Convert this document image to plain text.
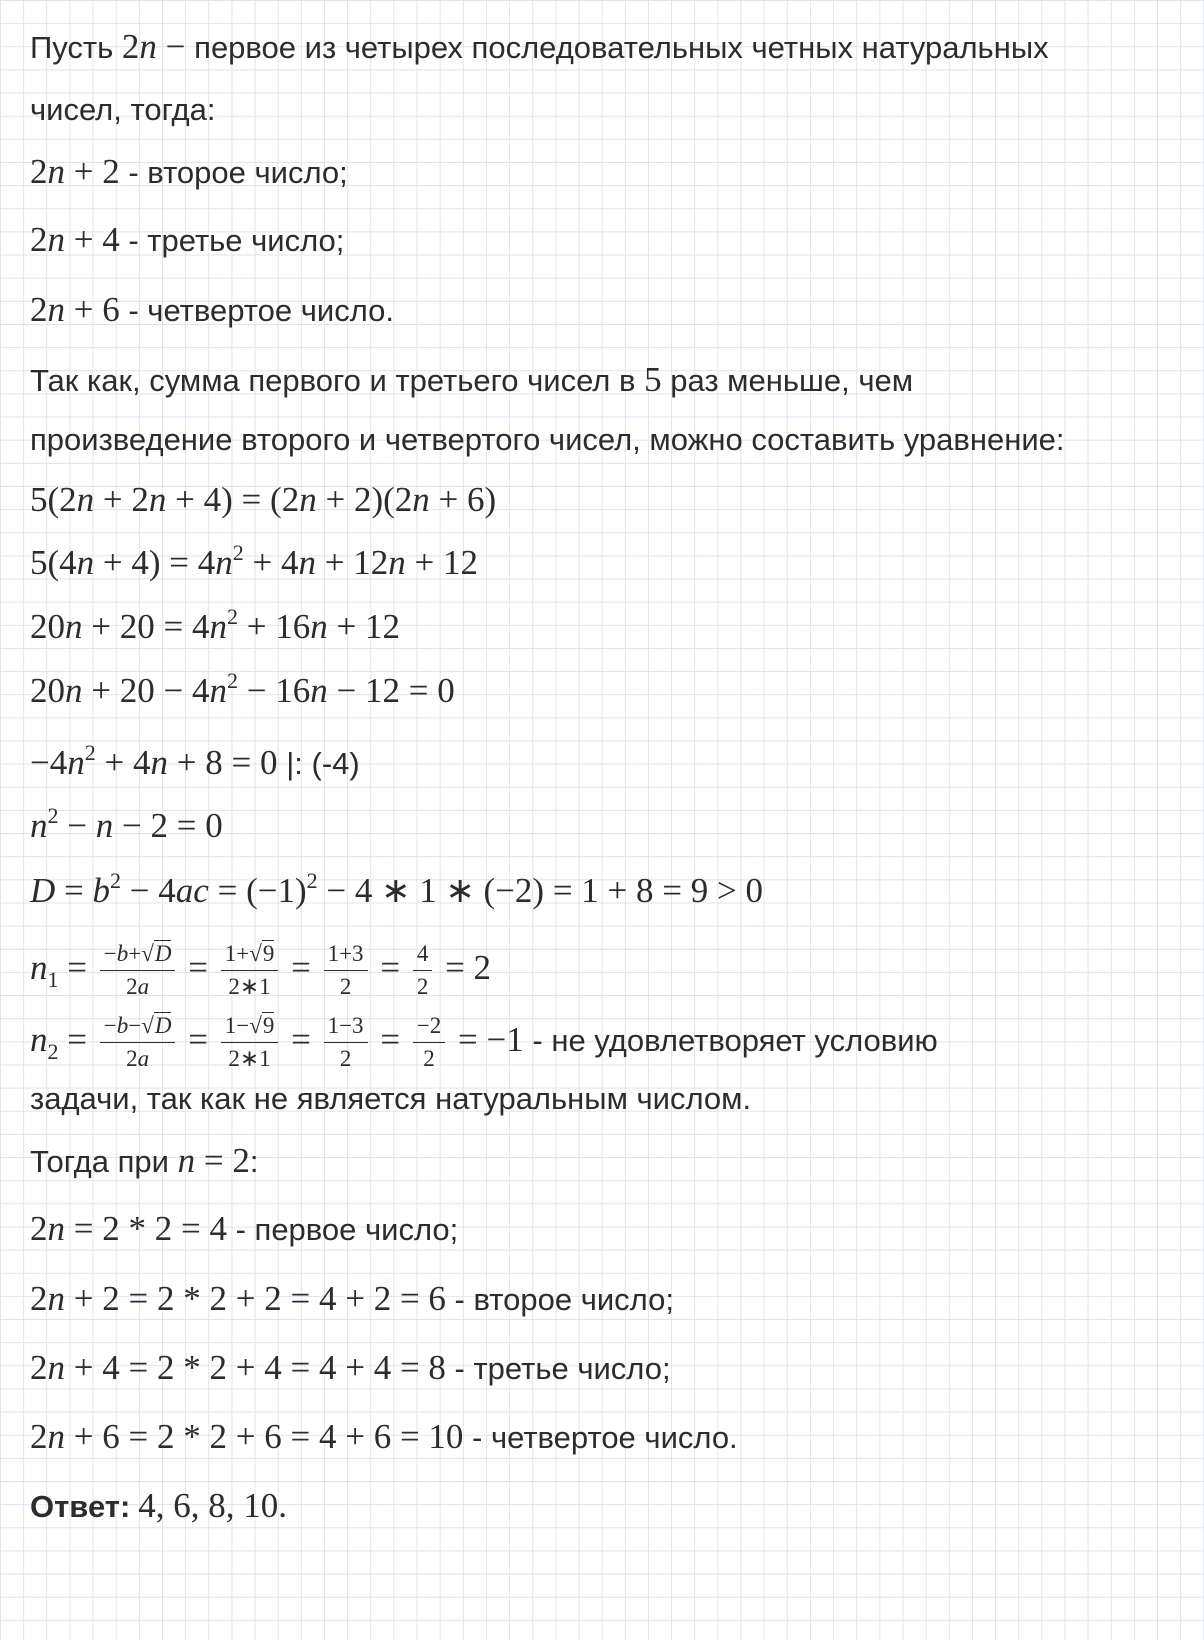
Пусть 2n − первое из четырех последовательных четных натуральных
чисел, тогда:
2n + 2 - второе число;
2n + 4 - третье число;
2n + 6 - четвертое число.
Так как, сумма первого и третьего чисел в 5 раз меньше, чем
произведение второго и четвертого чисел, можно составить уравнение:
5(2n + 2n + 4) = (2n + 2)(2n + 6)
$5(4n + 4) = 4n^2 + 4n + 12n + 12$
$20n + 20 = 4n^2 + 16n + 12$
$20n + 20 - 4n^2 - 16n - 12 = 0$
$-4n^2 + 4n + 8 = 0$ |: (-4)
$n^2 - n - 2 = 0$
$D = b^2 - 4ac = (-1)^2 - 4$ ∗ 1 ∗ (−2) = 1 + 8 = 9 > 0
$n_1 = \frac{-b+√D}{2a} = \frac{1+√9}{2∗1} = \frac{1+3}{2} = \frac{4}{2} = 2$
$n_2 = \frac{-b-√D}{2a} = \frac{1-√9}{2∗1} = \frac{1-3}{2} = \frac{-2}{2} = -1$ - не удовлетворяет условию
задачи, так как не является натуральным числом.
Тогда при n = 2:
2n = 2 * 2 = 4 - первое число;
2n + 2 = 2 * 2 + 2 = 4 + 2 = 6 - второе число;
2n + 4 = 2 * 2 + 4 = 4 + 4 = 8 - третье число;
2n + 6 = 2 * 2 + 6 = 4 + 6 = 10 - четвертое число.
Ответ: 4, 6, 8, 10.
